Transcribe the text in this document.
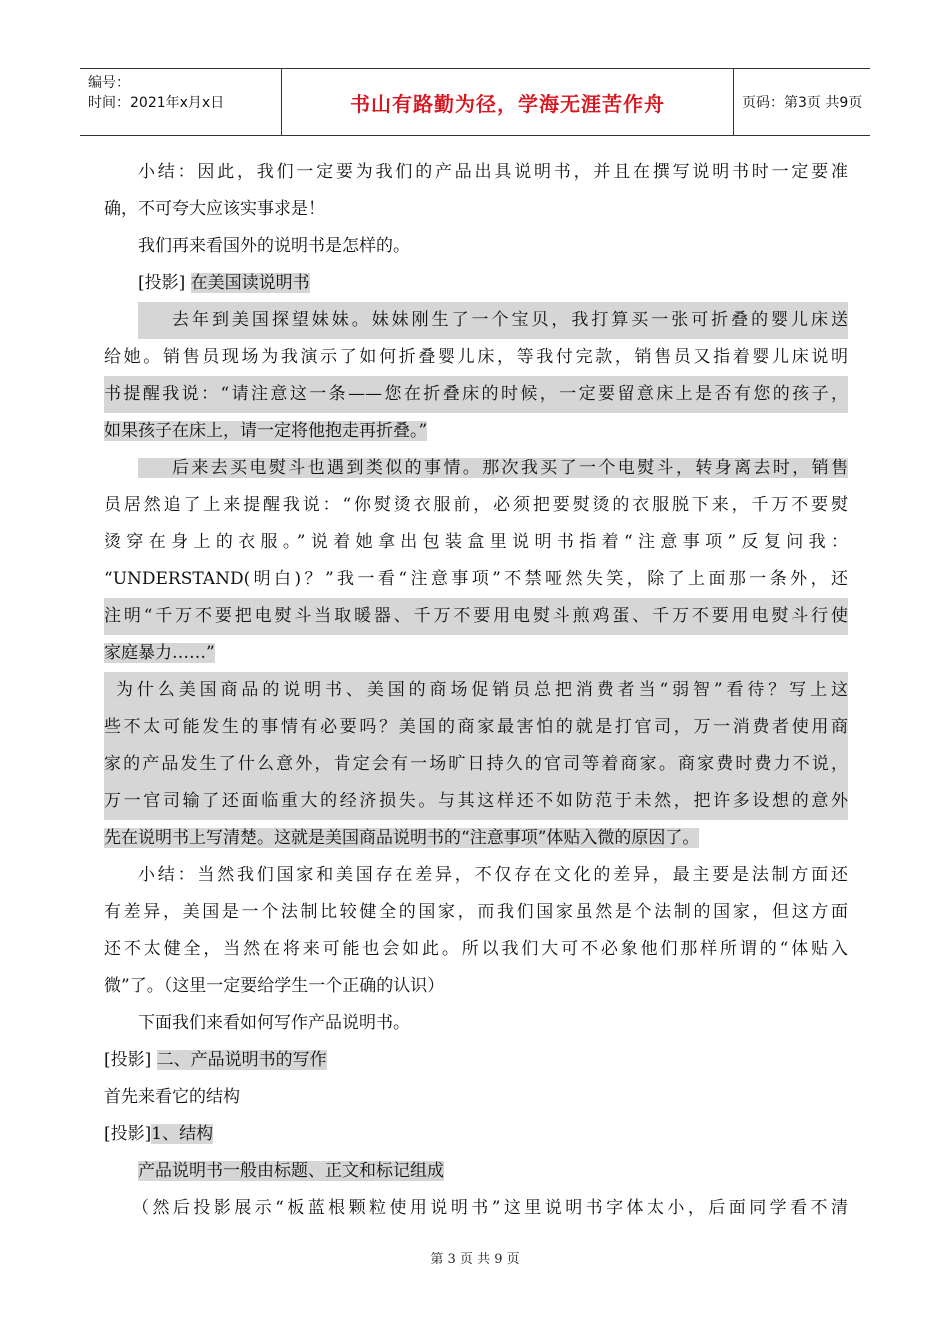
编号：
时间：2021年x月x日	书山有路勤为径，学海无涯苦作舟	页码：第3页 共9页
小结：因此，我们一定要为我们的产品出具说明书，并且在撰写说明书时一定要准
确，不可夸大应该实事求是！
我们再来看国外的说明书是怎样的。
[投影] 在美国读说明书
去年到美国探望妹妹。妹妹刚生了一个宝贝，我打算买一张可折叠的婴儿床送
给她。销售员现场为我演示了如何折叠婴儿床，等我付完款，销售员又指着婴儿床说明
书提醒我说：“请注意这一条——您在折叠床的时候，一定要留意床上是否有您的孩子，
如果孩子在床上，请一定将他抱走再折叠。”
后来去买电熨斗也遇到类似的事情。那次我买了一个电熨斗，转身离去时，销售
员居然追了上来提醒我说：“你熨烫衣服前，必须把要熨烫的衣服脱下来，千万不要熨
烫穿在身上的衣服。”说着她拿出包装盒里说明书指着“注意事项”反复问我：
“UNDERSTAND(明白)？”我一看“注意事项”不禁哑然失笑，除了上面那一条外，还
注明“千万不要把电熨斗当取暖器、千万不要用电熨斗煎鸡蛋、千万不要用电熨斗行使
家庭暴力……”
为什么美国商品的说明书、美国的商场促销员总把消费者当“弱智”看待？写上这
些不太可能发生的事情有必要吗？美国的商家最害怕的就是打官司，万一消费者使用商
家的产品发生了什么意外，肯定会有一场旷日持久的官司等着商家。商家费时费力不说，
万一官司输了还面临重大的经济损失。与其这样还不如防范于未然，把许多设想的意外
先在说明书上写清楚。这就是美国商品说明书的“注意事项”体贴入微的原因了。
小结：当然我们国家和美国存在差异，不仅存在文化的差异，最主要是法制方面还
有差异，美国是一个法制比较健全的国家，而我们国家虽然是个法制的国家，但这方面
还不太健全，当然在将来可能也会如此。所以我们大可不必象他们那样所谓的“体贴入
微”了。（这里一定要给学生一个正确的认识）
下面我们来看如何写作产品说明书。
[投影] 二、产品说明书的写作
首先来看它的结构
[投影]1、结构
产品说明书一般由标题、正文和标记组成
（然后投影展示“板蓝根颗粒使用说明书”这里说明书字体太小，后面同学看不清
第 3 页 共 9 页
